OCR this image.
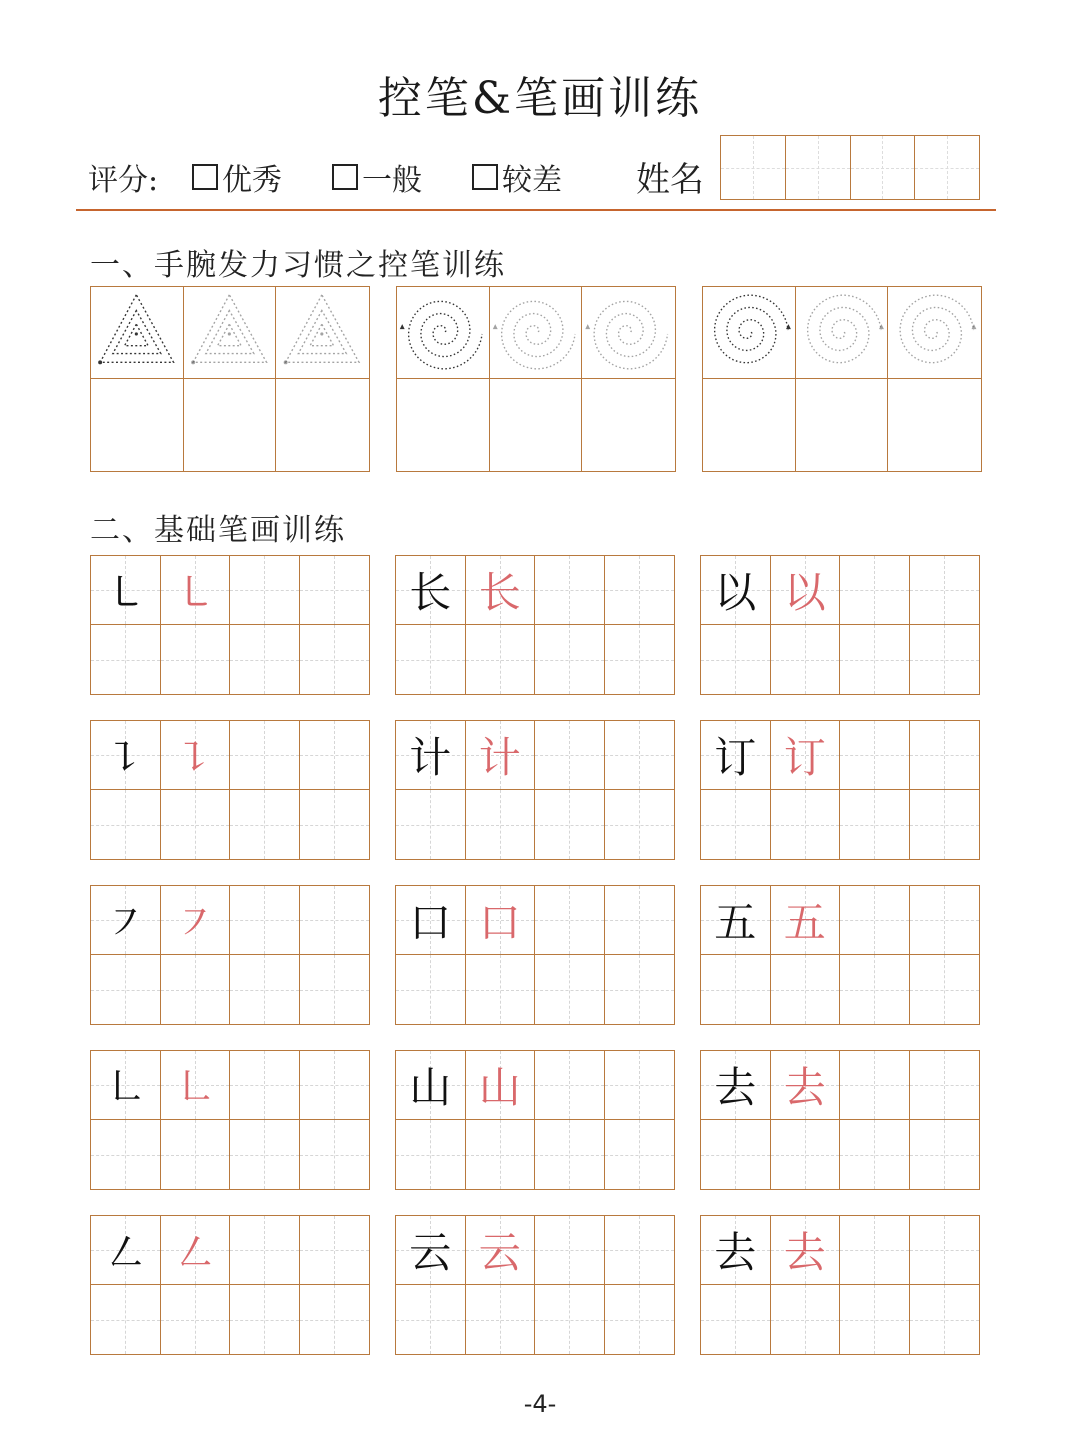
控笔&笔画训练
评分: 优秀	一般	较差 姓名
一、手腕发力习惯之控笔训练
二、基础笔画训练
㇄ ㇄	长 长	以 以
㇊ ㇊	计 计	订 订
㇇ ㇇	口 口	五 五
㇗ ㇗	山 山	去 去
㇜ ㇜	云 云	去 去
-4-
